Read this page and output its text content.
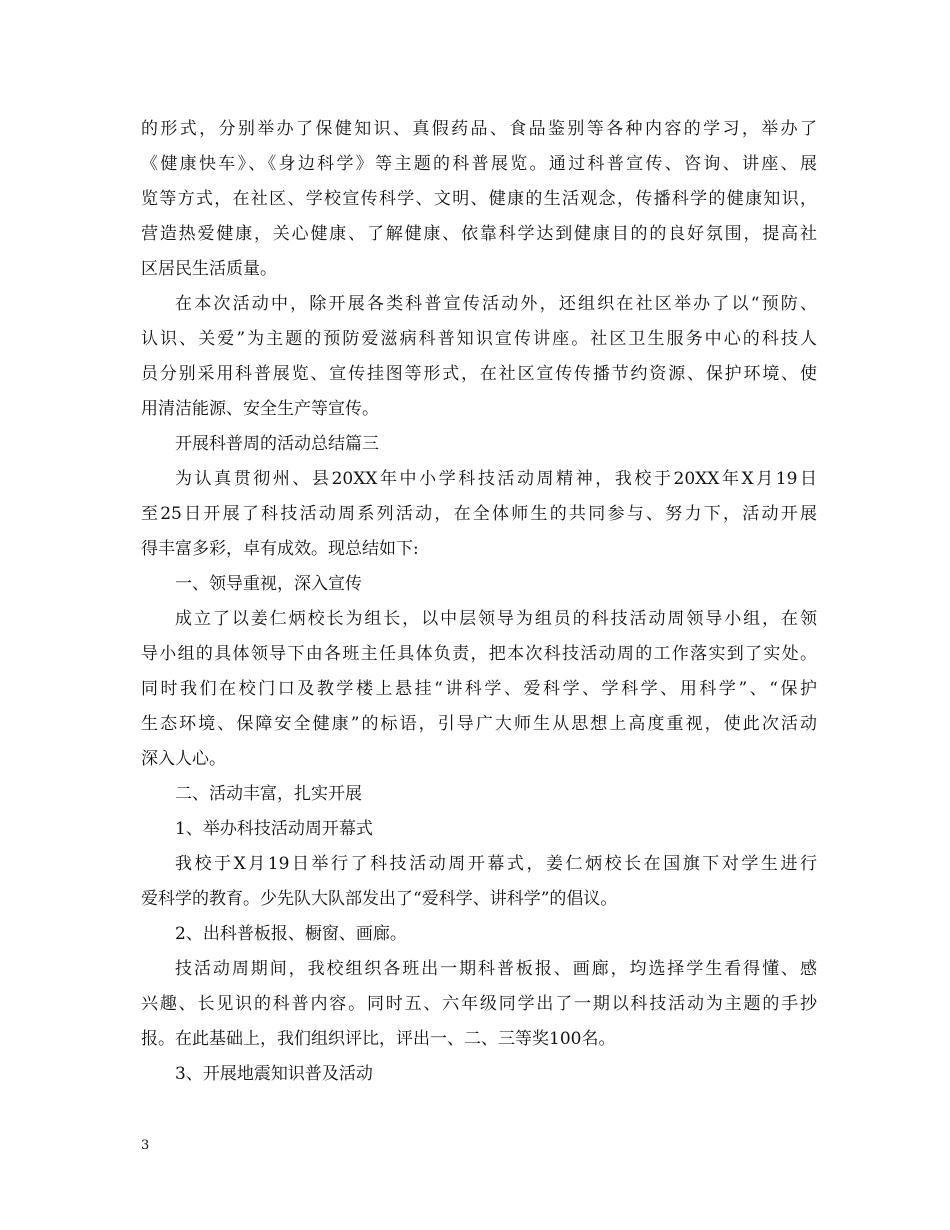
的形式，分别举办了保健知识、真假药品、食品鉴别等各种内容的学习，举办了
《健康快车》、《身边科学》等主题的科普展览。通过科普宣传、咨询、讲座、展
览等方式，在社区、学校宣传科学、文明、健康的生活观念，传播科学的健康知识，
营造热爱健康，关心健康、了解健康、依靠科学达到健康目的的良好氛围，提高社
区居民生活质量。
在本次活动中，除开展各类科普宣传活动外，还组织在社区举办了以“预防、
认识、关爱”为主题的预防爱滋病科普知识宣传讲座。社区卫生服务中心的科技人
员分别采用科普展览、宣传挂图等形式，在社区宣传传播节约资源、保护环境、使
用清洁能源、安全生产等宣传。
开展科普周的活动总结篇三
为认真贯彻州、县20XX年中小学科技活动周精神，我校于20XX年X月19日
至25日开展了科技活动周系列活动，在全体师生的共同参与、努力下，活动开展
得丰富多彩，卓有成效。现总结如下:
一、领导重视，深入宣传
成立了以姜仁炳校长为组长，以中层领导为组员的科技活动周领导小组，在领
导小组的具体领导下由各班主任具体负责，把本次科技活动周的工作落实到了实处。
同时我们在校门口及教学楼上悬挂“讲科学、爱科学、学科学、用科学”、“保护
生态环境、保障安全健康”的标语，引导广大师生从思想上高度重视，使此次活动
深入人心。
二、活动丰富，扎实开展
1、举办科技活动周开幕式
我校于X月19日举行了科技活动周开幕式，姜仁炳校长在国旗下对学生进行
爱科学的教育。少先队大队部发出了“爱科学、讲科学”的倡议。
2、出科普板报、橱窗、画廊。
技活动周期间，我校组织各班出一期科普板报、画廊，均选择学生看得懂、感
兴趣、长见识的科普内容。同时五、六年级同学出了一期以科技活动为主题的手抄
报。在此基础上，我们组织评比，评出一、二、三等奖100名。
3、开展地震知识普及活动
3
